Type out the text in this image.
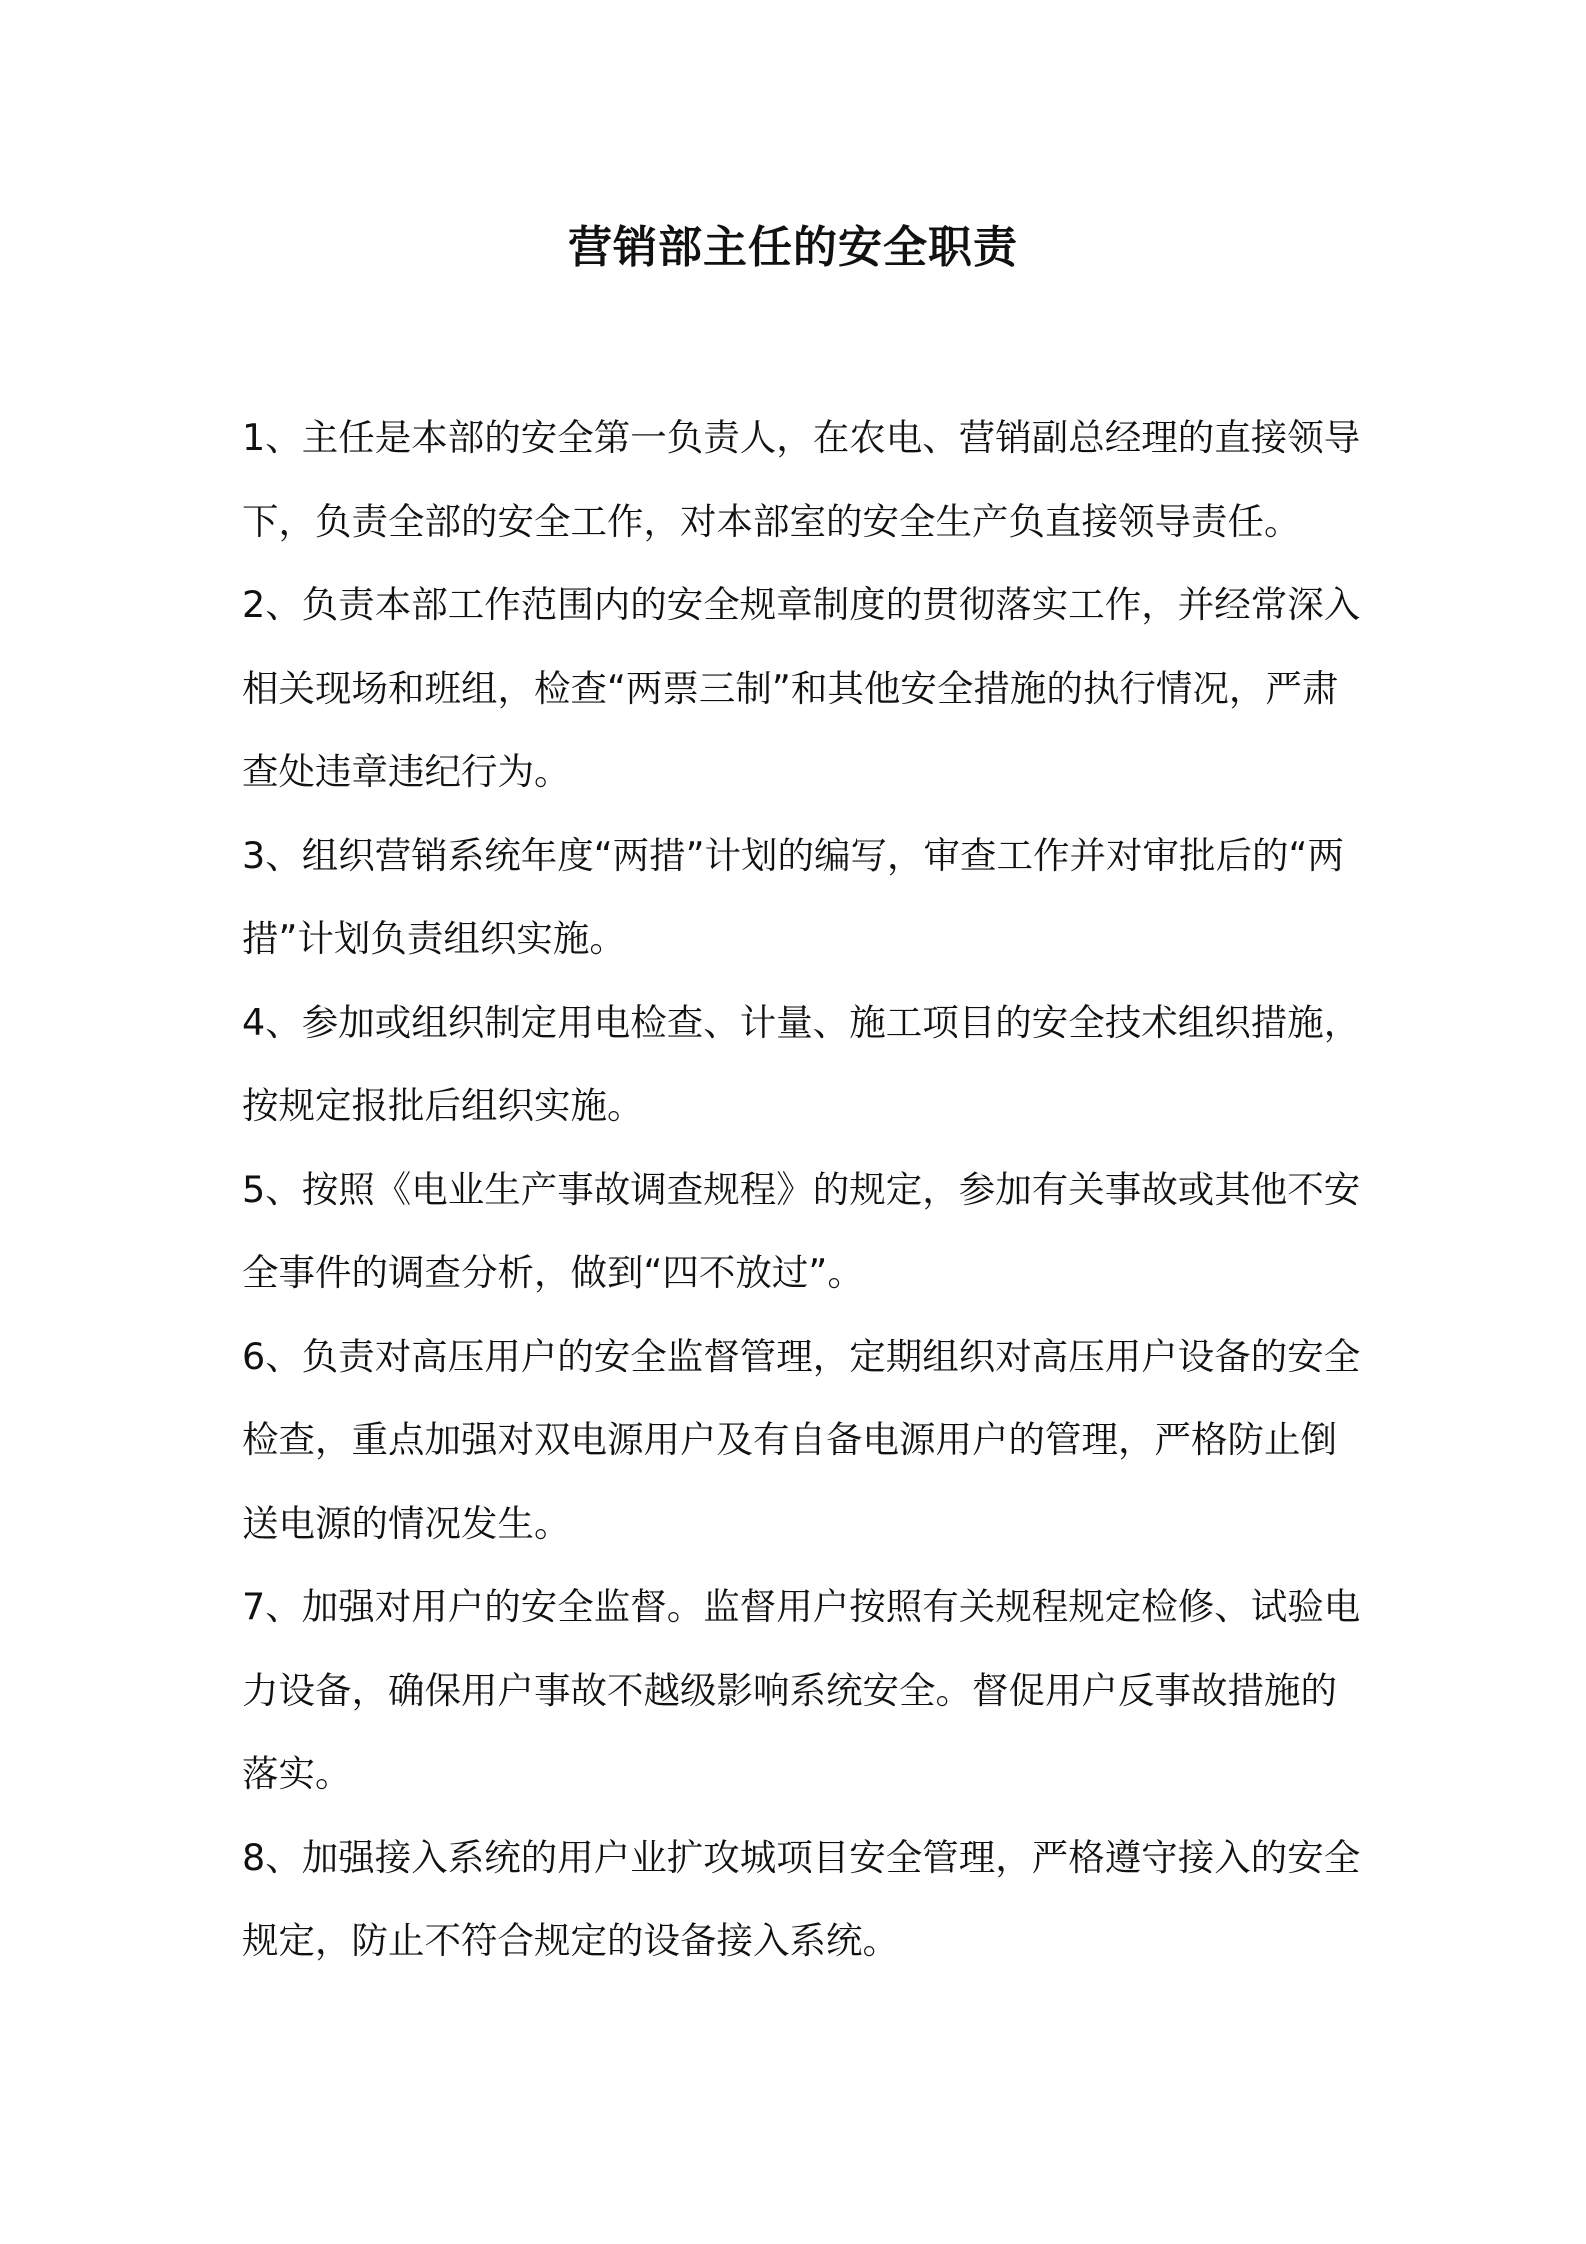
营销部主任的安全职责

1、主任是本部的安全第一负责人，在农电、营销副总经理的直接领导下，负责全部的安全工作，对本部室的安全生产负直接领导责任。

2、负责本部工作范围内的安全规章制度的贯彻落实工作，并经常深入相关现场和班组，检查“两票三制”和其他安全措施的执行情况，严肃查处违章违纪行为。

3、组织营销系统年度“两措”计划的编写，审查工作并对审批后的“两措”计划负责组织实施。

4、参加或组织制定用电检查、计量、施工项目的安全技术组织措施，按规定报批后组织实施。

5、按照《电业生产事故调查规程》的规定，参加有关事故或其他不安全事件的调查分析，做到“四不放过”。

6、负责对高压用户的安全监督管理，定期组织对高压用户设备的安全检查，重点加强对双电源用户及有自备电源用户的管理，严格防止倒送电源的情况发生。

7、加强对用户的安全监督。监督用户按照有关规程规定检修、试验电力设备，确保用户事故不越级影响系统安全。督促用户反事故措施的落实。

8、加强接入系统的用户业扩攻城项目安全管理，严格遵守接入的安全规定，防止不符合规定的设备接入系统。
